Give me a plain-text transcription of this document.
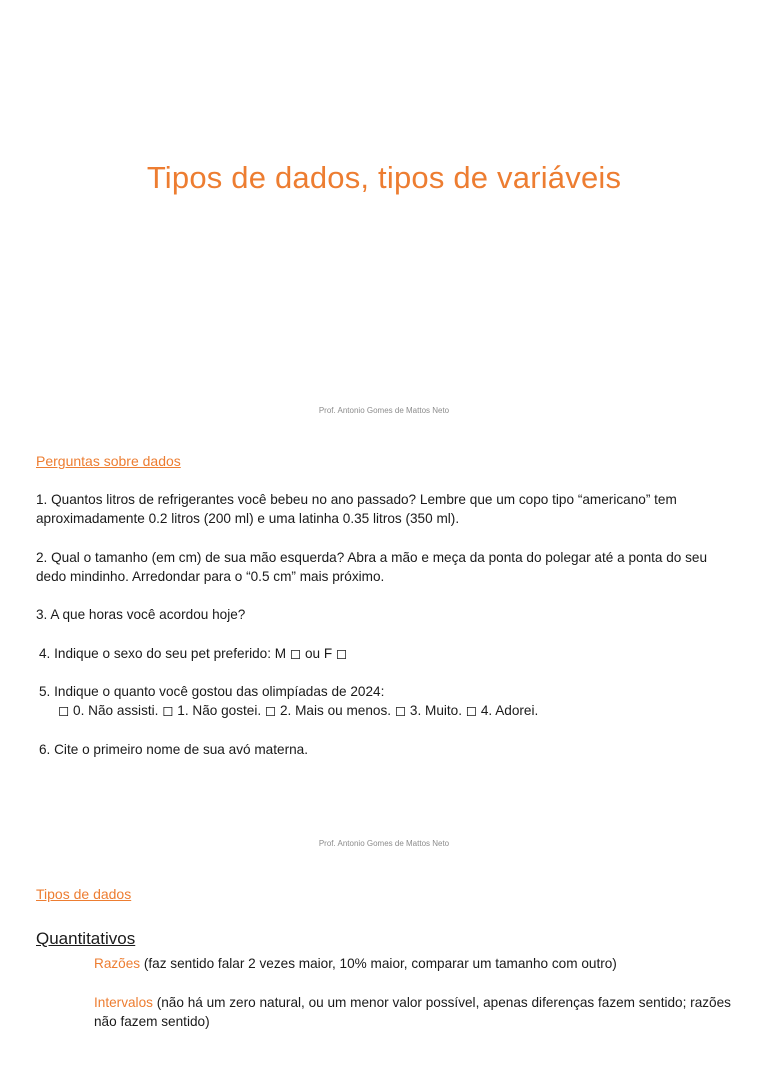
Tipos de dados, tipos de variáveis
Prof. Antonio Gomes de Mattos Neto
Perguntas sobre dados

1. Quantos litros de refrigerantes você bebeu no ano passado? Lembre que um copo tipo “americano” tem aproximadamente 0.2 litros (200 ml) e uma latinha 0.35 litros (350 ml).

2. Qual o tamanho (em cm) de sua mão esquerda? Abra a mão e meça da ponta do polegar até a ponta do seu dedo mindinho. Arredondar para o “0.5 cm” mais próximo.

3. A que horas você acordou hoje?

4. Indique o sexo do seu pet preferido: M ◻ ou F ◻

5. Indique o quanto você gostou das olimpíadas de 2024:
◻ 0. Não assisti. ◻ 1. Não gostei. ◻ 2. Mais ou menos. ◻ 3. Muito. ◻ 4. Adorei.

6. Cite o primeiro nome de sua avó materna.

Prof. Antonio Gomes de Mattos Neto
Tipos de dados
Quantitativos
Razões (faz sentido falar 2 vezes maior, 10% maior, comparar um tamanho com outro)
Intervalos (não há um zero natural, ou um menor valor possível, apenas diferenças fazem sentido; razões não fazem sentido)
